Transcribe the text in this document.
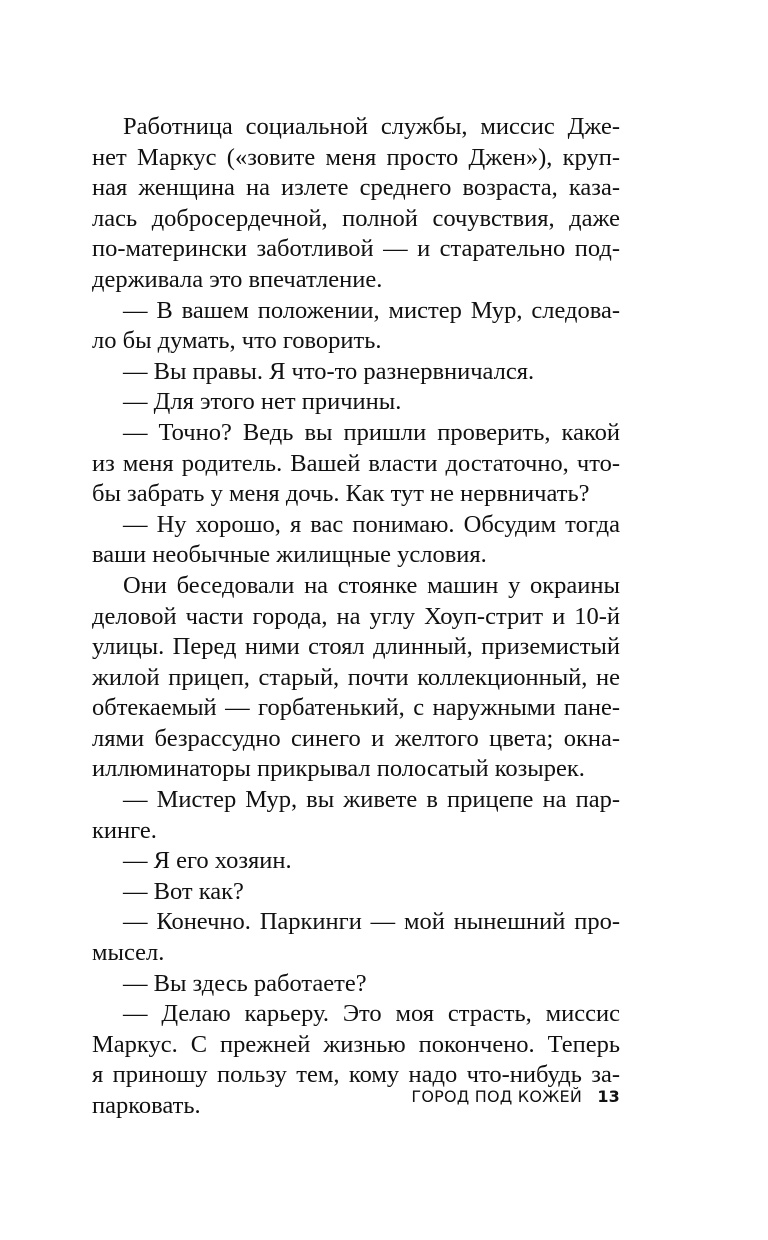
Работница социальной службы, миссис Дже-
нет Маркус («зовите меня просто Джен»), круп-
ная женщина на излете среднего возраста, каза-
лась добросердечной, полной сочувствия, даже
по-матерински заботливой — и старательно под-
держивала это впечатление.
— В вашем положении, мистер Мур, следова-
ло бы думать, что говорить.
— Вы правы. Я что-то разнервничался.
— Для этого нет причины.
— Точно? Ведь вы пришли проверить, какой
из меня родитель. Вашей власти достаточно, что-
бы забрать у меня дочь. Как тут не нервничать?
— Ну хорошо, я вас понимаю. Обсудим тогда
ваши необычные жилищные условия.
Они беседовали на стоянке машин у окраины
деловой части города, на углу Хоуп-стрит и 10-й
улицы. Перед ними стоял длинный, приземистый
жилой прицеп, старый, почти коллекционный, не
обтекаемый — горбатенький, с наружными пане-
лями безрассудно синего и желтого цвета; окна-
иллюминаторы прикрывал полосатый козырек.
— Мистер Мур, вы живете в прицепе на пар-
кинге.
— Я его хозяин.
— Вот как?
— Конечно. Паркинги — мой нынешний про-
мысел.
— Вы здесь работаете?
— Делаю карьеру. Это моя страсть, миссис
Маркус. С прежней жизнью покончено. Теперь
я приношу пользу тем, кому надо что-нибудь за-
парковать.	ГОРОД ПОД КОЖЕЙ 13
